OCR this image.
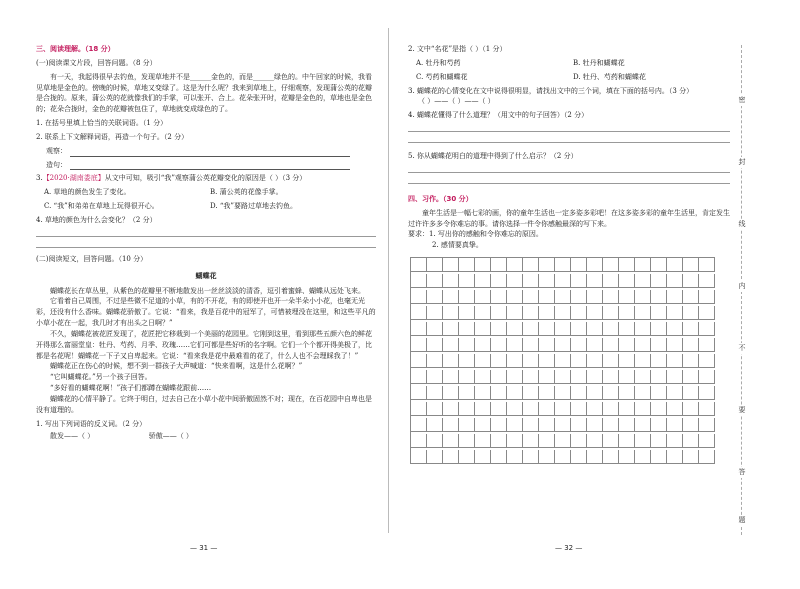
三、阅读理解。（18 分）

(一)阅读课文片段，回答问题。（8 分）

有一天，我起得很早去钓鱼，发现草地并不是______金色的，而是______绿色的。中午回家的时候，我看见草地是金色的。傍晚的时候，草地又变绿了。这是为什么呢？我来到草地上，仔细观察，发现蒲公英的花瓣是合拢的。原来，蒲公英的花就像我们的手掌，可以张开、合上。花朵张开时，花瓣是金色的，草地也是金色的；花朵合拢时，金色的花瓣被包住了，草地就变成绿色的了。

1. 在括号里填上恰当的关联词语。（1 分）

2. 联系上下文解释词语，再造一个句子。（2 分）

观察：
造句：

3.【2020·湖南娄底】从文中可知，吸引“我”观察蒲公英花瓣变化的原因是（ ）（3 分）

A. 草地的颜色发生了变化。	B. 蒲公英的花像手掌。
C. “我”和弟弟在草地上玩得很开心。	D. “我”要路过草地去钓鱼。

4. 草地的颜色为什么会变化？（2 分）

(二)阅读短文，回答问题。（10 分）

蝴蝶花

蝴蝶花长在草丛里，从紫色的花瓣里不断地散发出一丝丝淡淡的清香，逗引着蜜蜂、蝴蝶从远处飞来。

它看着自己周围，不过是些微不足道的小草，有的不开花，有的即使开也开一朵半朵小小花，也毫无光彩，还没有什么香味。蝴蝶花骄傲了。它说：“看来，我是百花中的冠军了，可惜被埋没在这里，和这些平凡的小草小花在一起，我几时才有出头之日啊？”

不久，蝴蝶花被花匠发现了，花匠把它移栽到一个美丽的花园里。它刚到这里，看到那些五颜六色的鲜花开得那么富丽堂皇：牡丹、芍药、月季、玫瑰……它们可都是些好听的名字啊。它们一个个都开得美极了，比都是名花呢！蝴蝶花一下子又自卑起来。它说：“看来我是花中最难看的花了，什么人也不会理睬我了！”

蝴蝶花正在伤心的时候，想不到一群孩子大声喊道：“快来看啊，这是什么花啊？”

“它叫蝴蝶花。”另一个孩子回答。

“多好看的蝴蝶花啊！”孩子们都蹲在蝴蝶花跟前……

蝴蝶花的心情平静了。它终于明白，过去自己在小草小花中间骄傲固然不对；现在，在百花园中自卑也是没有道理的。

1. 写出下列词语的反义词。（2 分）

散发——（ ）	骄傲——（ ）
— 31 —

2. 文中“名花”是指（ ）（1 分）

A. 牡丹和芍药	B. 牡丹和蝴蝶花
C. 芍药和蝴蝶花	D. 牡丹、芍药和蝴蝶花

3. 蝴蝶花的心情变化在文中说得很明显，请找出文中的三个词，填在下面的括号内。（3 分）

（ ）——（ ）——（ ）

4. 蝴蝶花懂得了什么道理？（用文中的句子回答）（2 分）

5. 你从蝴蝶花明白的道理中得到了什么启示？（2 分）

四、习作。（30 分）

童年生活是一幅七彩的画，你的童年生活也一定多姿多彩吧！在这多姿多彩的童年生活里，肯定发生过许许多多令你难忘的事。请你选择一件令你感触最深的写下来。

要求：1. 写出你的感触和令你难忘的原因。

2. 感情要真挚。

— 32 —
密
封
线
内
不
要
答
题
